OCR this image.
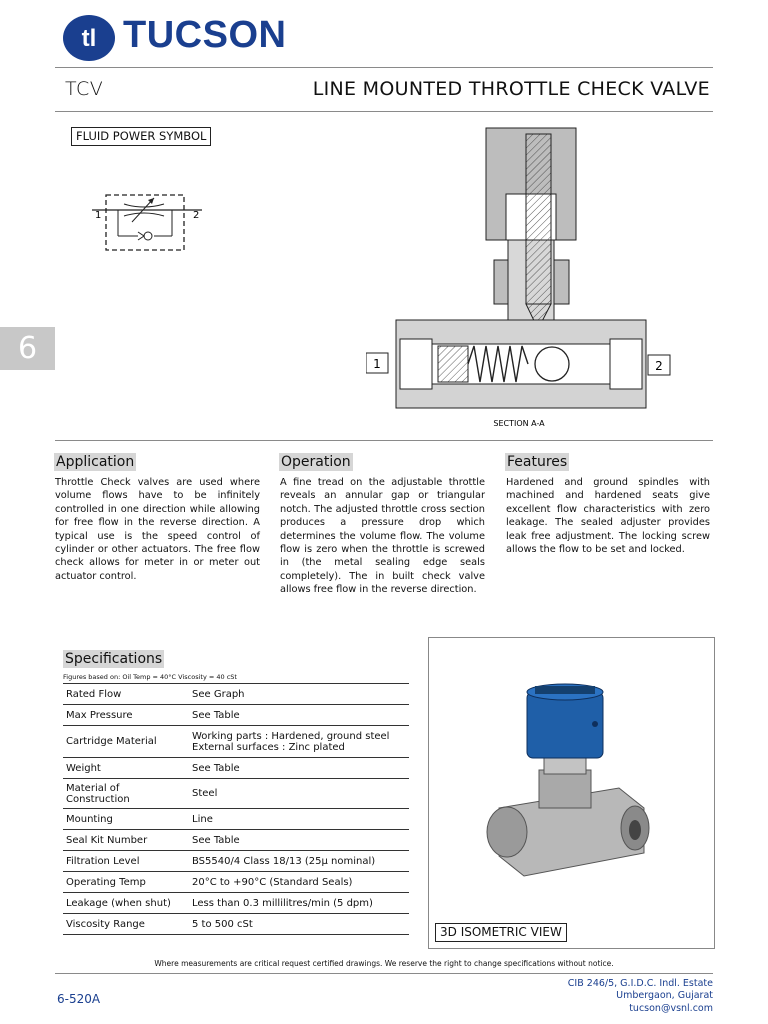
tl TUCSON
TCV	LINE MOUNTED THROTTLE CHECK VALVE
6
FLUID POWER SYMBOL
1	2
1	2
SECTION A-A
Application
Throttle Check valves are used where volume flows have to be infinitely controlled in one direction while allowing for free flow in the reverse direction. A typical use is the speed control of cylinder or other actuators. The free flow check allows for meter in or meter out actuator control.
Operation
A fine tread on the adjustable throttle reveals an annular gap or triangular notch. The adjusted throttle cross section produces a pressure drop which determines the volume flow. The volume flow is zero when the throttle is screwed in (the metal sealing edge seals completely). The in built check valve allows free flow in the reverse direction.
Features
Hardened and ground spindles with machined and hardened seats give excellent flow characteristics with zero leakage. The sealed adjuster provides leak free adjustment. The locking screw allows the flow to be set and locked.
Specifications
Figures based on: Oil Temp = 40°C Viscosity = 40 cSt
Rated Flow	See Graph
Max Pressure	See Table
Cartridge Material	Working parts : Hardened, ground steel
External surfaces : Zinc plated

Weight	See Table

Material of
Construction	Steel
Mounting	Line
Seal Kit Number	See Table
Filtration Level	BS5540/4 Class 18/13 (25µ nominal)
Operating Temp	20°C to +90°C (Standard Seals)
Leakage (when shut)	Less than 0.3 millilitres/min (5 dpm)
Viscosity Range	5 to 500 cSt
3D ISOMETRIC VIEW
Where measurements are critical request certified drawings. We reserve the right to change specifications without notice.
6-520A
CIB 246/5, G.I.D.C. Indl. Estate
Umbergaon, Gujarat
tucson@vsnl.com
